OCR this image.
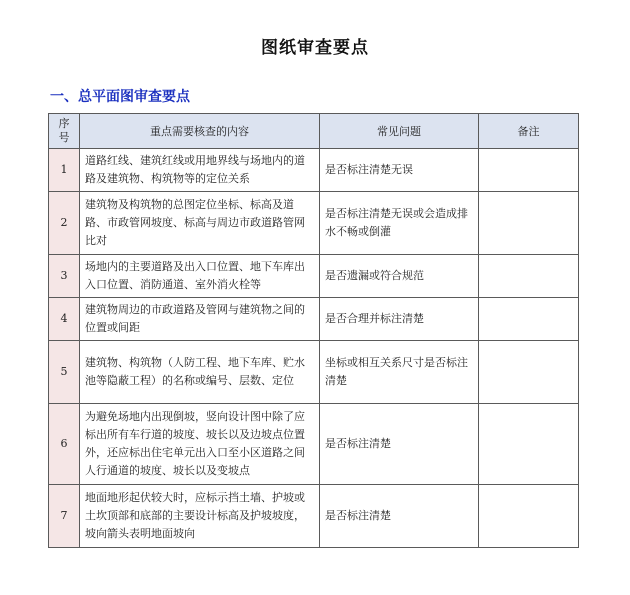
图纸审查要点
一、总平面图审查要点
序号	重点需要核查的内容	常见问题	备注
1	道路红线、建筑红线或用地界线与场地内的道路及建筑物、构筑物等的定位关系	是否标注清楚无误	
2	建筑物及构筑物的总图定位坐标、标高及道路、市政管网坡度、标高与周边市政道路管网比对	是否标注清楚无误或会造成排水不畅或倒灌	
3	场地内的主要道路及出入口位置、地下车库出入口位置、消防通道、室外消火栓等	是否遗漏或符合规范	
4	建筑物周边的市政道路及管网与建筑物之间的位置或间距	是否合理并标注清楚	
5	建筑物、构筑物（人防工程、地下车库、贮水池等隐蔽工程）的名称或编号、层数、定位	坐标或相互关系尺寸是否标注清楚	
6	为避免场地内出现倒坡，竖向设计图中除了应标出所有车行道的坡度、坡长以及边坡点位置外，还应标出住宅单元出入口至小区道路之间人行通道的坡度、坡长以及变坡点	是否标注清楚	
7	地面地形起伏较大时，应标示挡土墙、护坡或土坎顶部和底部的主要设计标高及护坡坡度，坡向箭头表明地面坡向	是否标注清楚	
